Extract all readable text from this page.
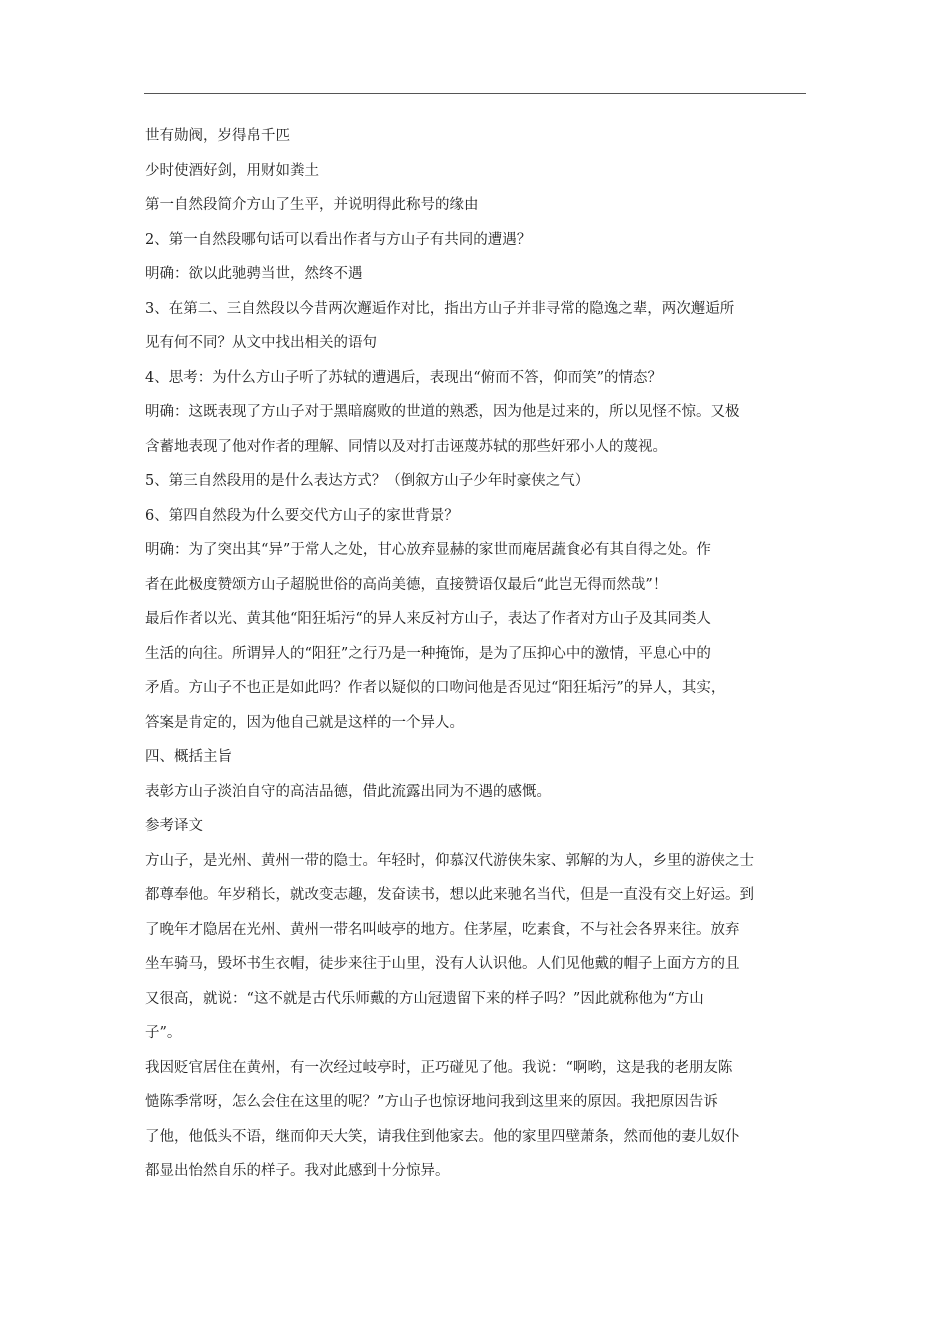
世有勋阀，岁得帛千匹
少时使酒好剑，用财如粪土
第一自然段简介方山了生平，并说明得此称号的缘由
2、第一自然段哪句话可以看出作者与方山子有共同的遭遇？
明确：欲以此驰骋当世，然终不遇
3、在第二、三自然段以今昔两次邂逅作对比，指出方山子并非寻常的隐逸之辈，两次邂逅所
见有何不同？从文中找出相关的语句
4、思考：为什么方山子听了苏轼的遭遇后，表现出“俯而不答，仰而笑”的情态？
明确：这既表现了方山子对于黑暗腐败的世道的熟悉，因为他是过来的，所以见怪不惊。又极
含蓄地表现了他对作者的理解、同情以及对打击诬蔑苏轼的那些奸邪小人的蔑视。
5、第三自然段用的是什么表达方式？（倒叙方山子少年时豪侠之气）
6、第四自然段为什么要交代方山子的家世背景？
明确：为了突出其“异”于常人之处，甘心放弃显赫的家世而庵居蔬食必有其自得之处。作
者在此极度赞颂方山子超脱世俗的高尚美德，直接赞语仅最后“此岂无得而然哉”！
最后作者以光、黄其他“阳狂垢污“的异人来反衬方山子，表达了作者对方山子及其同类人
生活的向往。所谓异人的“阳狂”之行乃是一种掩饰，是为了压抑心中的激情，平息心中的
矛盾。方山子不也正是如此吗？作者以疑似的口吻问他是否见过“阳狂垢污”的异人，其实，
答案是肯定的，因为他自己就是这样的一个异人。
四、概括主旨
表彰方山子淡泊自守的高洁品德，借此流露出同为不遇的感慨。
参考译文
方山子，是光州、黄州一带的隐士。年轻时，仰慕汉代游侠朱家、郭解的为人，乡里的游侠之士
都尊奉他。年岁稍长，就改变志趣，发奋读书，想以此来驰名当代，但是一直没有交上好运。到
了晚年才隐居在光州、黄州一带名叫岐亭的地方。住茅屋，吃素食，不与社会各界来往。放弃
坐车骑马，毁坏书生衣帽，徒步来往于山里，没有人认识他。人们见他戴的帽子上面方方的且
又很高，就说：“这不就是古代乐师戴的方山冠遗留下来的样子吗？”因此就称他为“方山
子”。
我因贬官居住在黄州，有一次经过岐亭时，正巧碰见了他。我说：“啊哟，这是我的老朋友陈
慥陈季常呀，怎么会住在这里的呢？”方山子也惊讶地问我到这里来的原因。我把原因告诉
了他，他低头不语，继而仰天大笑，请我住到他家去。他的家里四壁萧条，然而他的妻儿奴仆
都显出怡然自乐的样子。我对此感到十分惊异。
